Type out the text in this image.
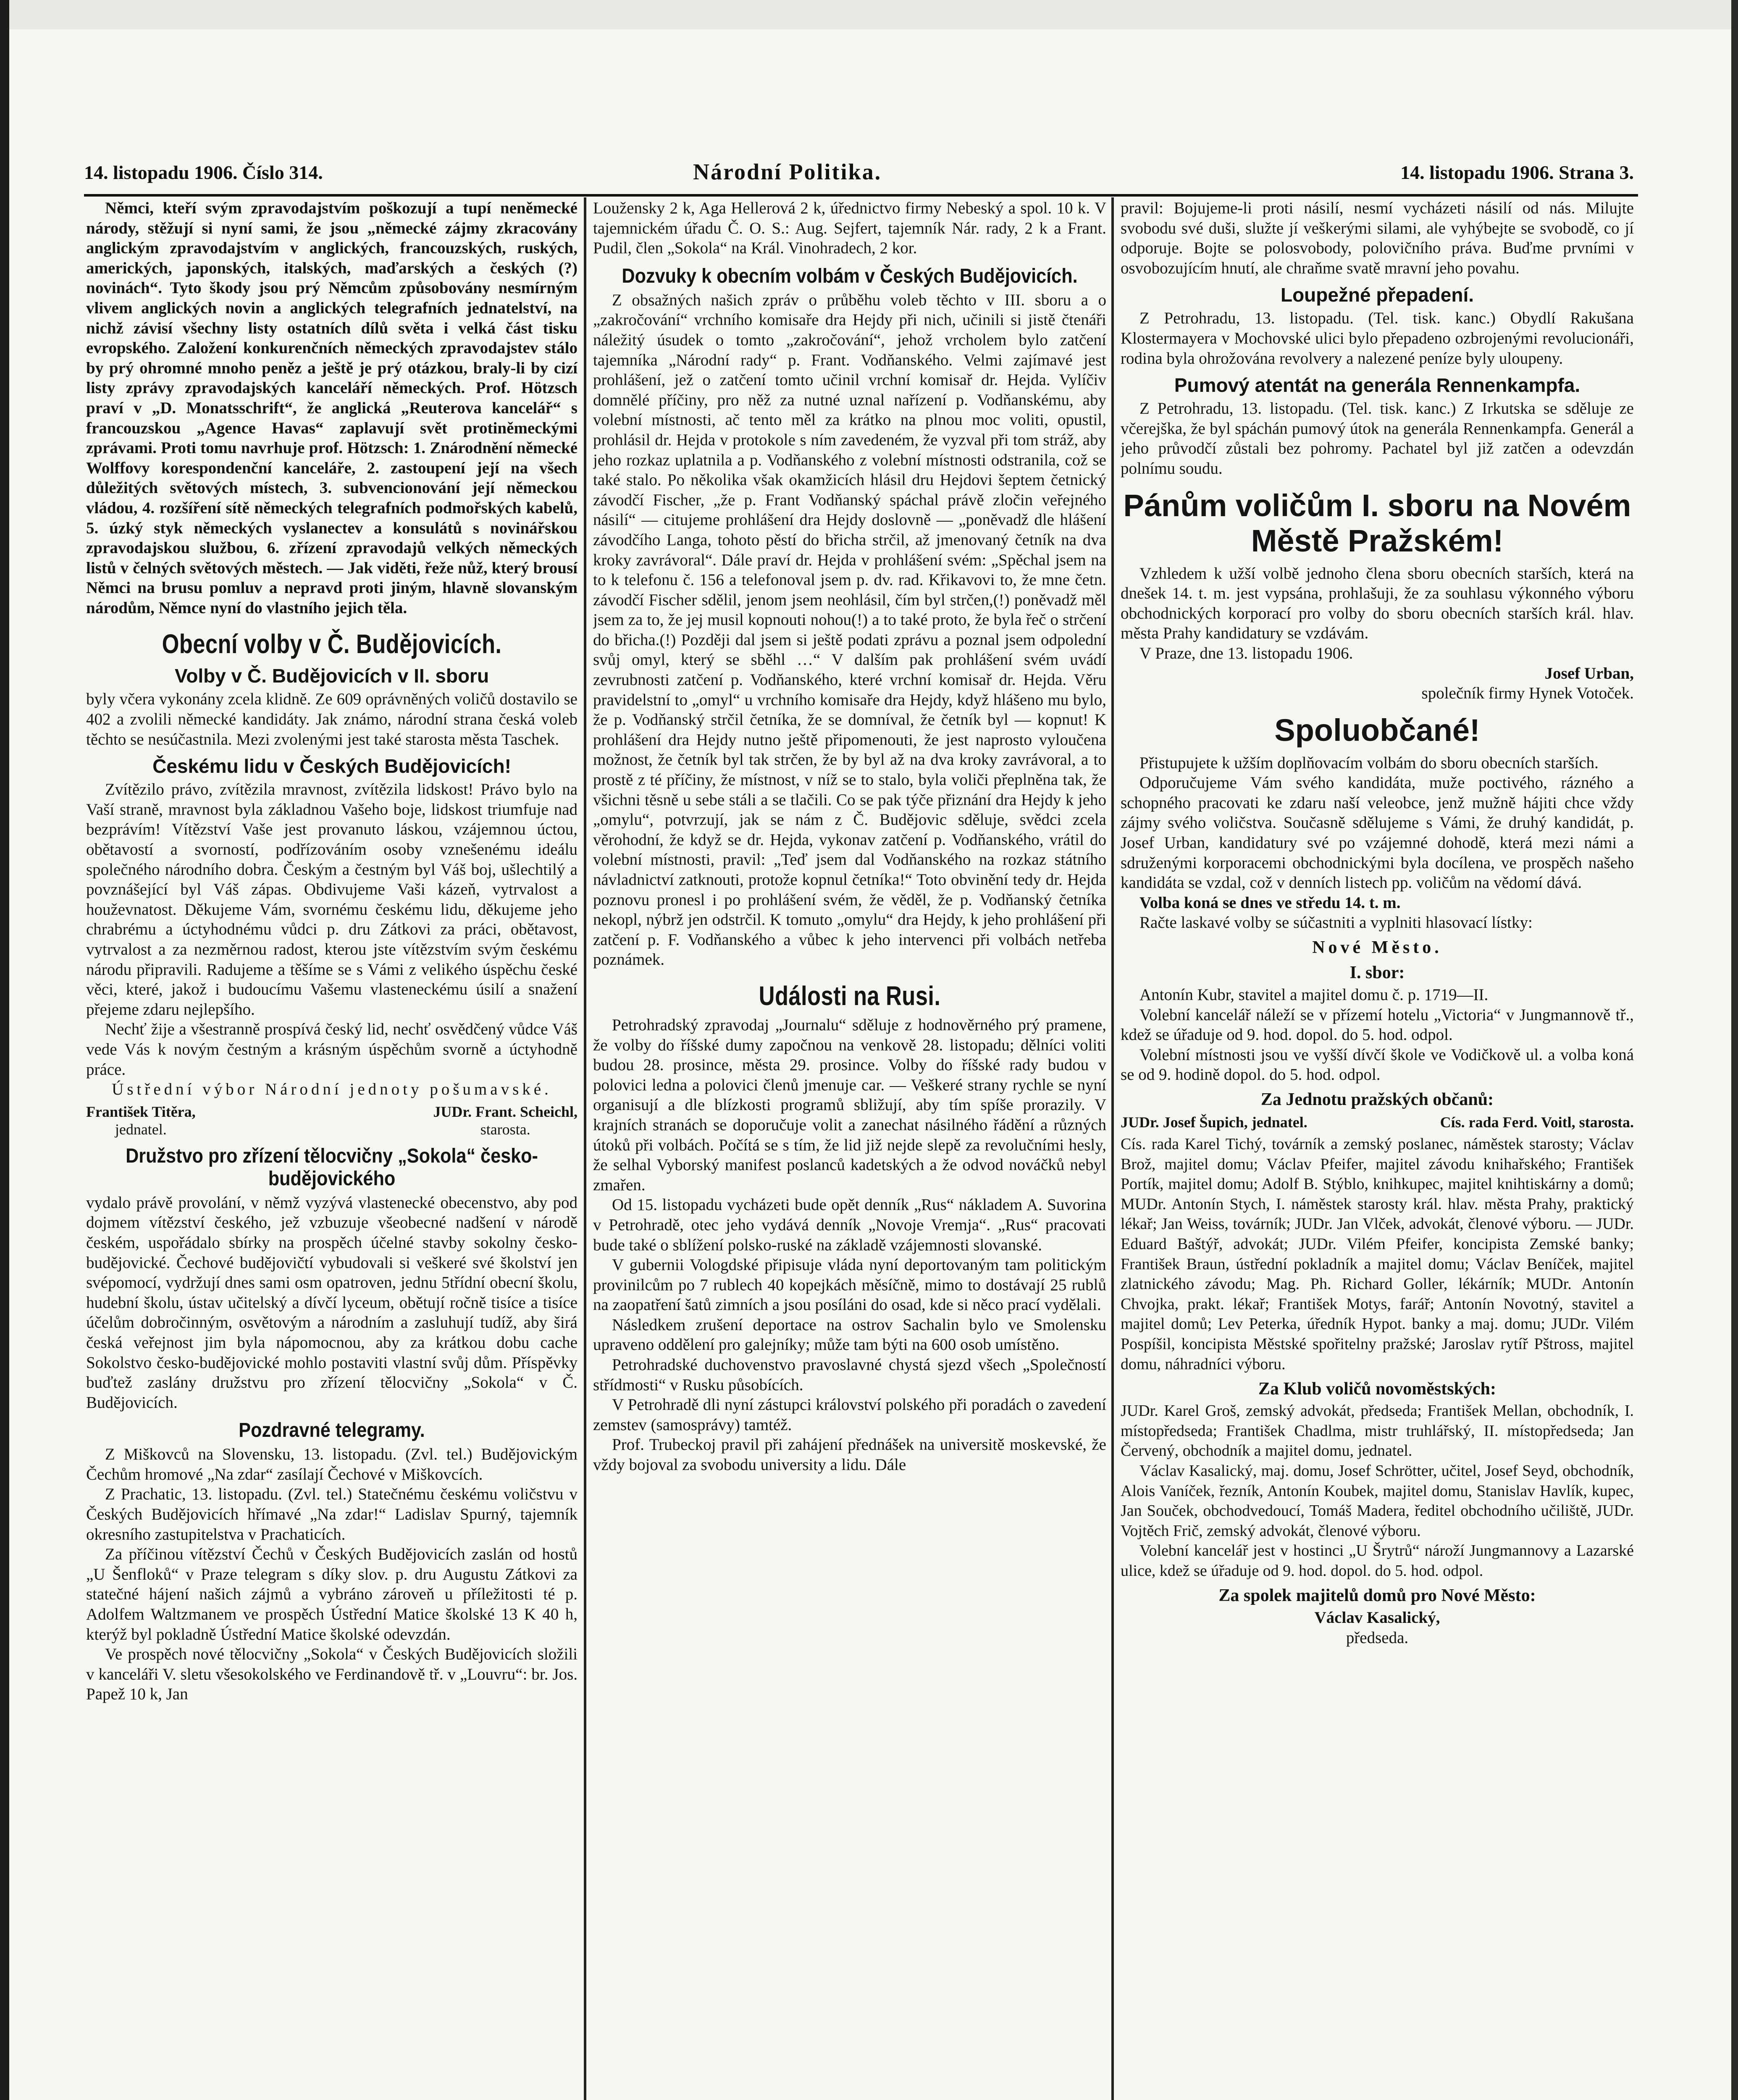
14. listopadu 1906. Číslo 314.	Národní Politika.	14. listopadu 1906. Strana 3.

Němci, kteří svým zpravodajstvím poškozují a tupí neněmecké národy, stěžují si nyní sami, že jsou „německé zájmy zkracovány anglickým zpravodajstvím v anglických, francouzských, ruských, amerických, japonských, italských, maďarských a českých (?) novinách“. Tyto škody jsou prý Němcům způsobovány nesmírným vlivem anglických novin a anglických telegrafních jednatelství, na nichž závisí všechny listy ostatních dílů světa i velká část tisku evropského. Založení konkurenčních německých zpravodajstev stálo by prý ohromné mnoho peněz a ještě je prý otázkou, braly-li by cizí listy zprávy zpravodajských kanceláří německých. Prof. Hötzsch praví v „D. Monatsschrift“, že anglická „Reuterova kancelář“ s francouzskou „Agence Havas“ zaplavují svět protiněmeckými zprávami. Proti tomu navrhuje prof. Hötzsch: 1. Znárodnění německé Wolffovy korespondenční kanceláře, 2. zastoupení její na všech důležitých světových místech, 3. subvencionování její německou vládou, 4. rozšíření sítě německých telegrafních podmořských kabelů, 5. úzký styk německých vyslanectev a konsulátů s novinářskou zpravodajskou službou, 6. zřízení zpravodajů velkých německých listů v čelných světových městech. — Jak viděti, řeže nůž, který brousí Němci na brusu pomluv a nepravd proti jiným, hlavně slovanským národům, Němce nyní do vlastního jejich těla.

Obecní volby v Č. Budějovicích.
Volby v Č. Budějovicích v II. sboru

byly včera vykonány zcela klidně. Ze 609 oprávněných voličů dostavilo se 402 a zvolili německé kandidáty. Jak známo, národní strana česká voleb těchto se nesúčastnila. Mezi zvolenými jest také starosta města Taschek.

Českému lidu v Českých Budějovicích!

Zvítězilo právo, zvítězila mravnost, zvítězila lidskost! Právo bylo na Vaší straně, mravnost byla základnou Vašeho boje, lidskost triumfuje nad bezprávím! Vítězství Vaše jest provanuto láskou, vzájemnou úctou, obětavostí a svorností, podřízováním osoby vznešenému ideálu společného národního dobra. Českým a čestným byl Váš boj, ušlechtilý a povznášející byl Váš zápas. Obdivujeme Vaši kázeň, vytrvalost a houževnatost. Děkujeme Vám, svornému českému lidu, děkujeme jeho chrabrému a úctyhodnému vůdci p. dru Zátkovi za práci, obětavost, vytrvalost a za nezměrnou radost, kterou jste vítězstvím svým českému národu připravili. Radujeme a těšíme se s Vámi z velikého úspěchu české věci, které, jakož i budoucímu Vašemu vlasteneckému úsilí a snažení přejeme zdaru nejlepšího.

Nechť žije a všestranně prospívá český lid, nechť osvědčený vůdce Váš vede Vás k novým čestným a krásným úspěchům svorně a úctyhodně práce.

Ústřední výbor Národní jednoty pošumavské.

František Titěra,
jednatel.
JUDr. Frant. Scheichl,
starosta.
Družstvo pro zřízení tělocvičny „Sokola“ česko-budějovického

vydalo právě provolání, v němž vyzývá vlastenecké obecenstvo, aby pod dojmem vítězství českého, jež vzbuzuje všeobecné nadšení v národě českém, uspořádalo sbírky na prospěch účelné stavby sokolny česko-budějovické. Čechové budějovičtí vybudovali si veškeré své školství jen svépomocí, vydržují dnes sami osm opatroven, jednu 5třídní obecní školu, hudební školu, ústav učitelský a dívčí lyceum, obětují ročně tisíce a tisíce účelům dobročinným, osvětovým a národním a zasluhují tudíž, aby širá česká veřejnost jim byla nápomocnou, aby za krátkou dobu cache Sokolstvo česko-budějovické mohlo postaviti vlastní svůj dům. Příspěvky buďtež zaslány družstvu pro zřízení tělocvičny „Sokola“ v Č. Budějovicích.

Pozdravné telegramy.

Z Miškovců na Slovensku, 13. listopadu. (Zvl. tel.) Budějovickým Čechům hromové „Na zdar“ zasílají Čechové v Miškovcích.

Z Prachatic, 13. listopadu. (Zvl. tel.) Statečnému českému voličstvu v Českých Budějovicích hřímavé „Na zdar!“ Ladislav Spurný, tajemník okresního zastupitelstva v Prachaticích.

Za příčinou vítězství Čechů v Českých Budějovicích zaslán od hostů „U Šenfloků“ v Praze telegram s díky slov. p. dru Augustu Zátkovi za statečné hájení našich zájmů a vybráno zároveň u příležitosti té p. Adolfem Waltzmanem ve prospěch Ústřední Matice školské 13 K 40 h, kterýž byl pokladně Ústřední Matice školské odevzdán.

Ve prospěch nové tělocvičny „Sokola“ v Českých Budějovicích složili v kanceláři V. sletu všesokolského ve Ferdinandově tř. v „Louvru“: br. Jos. Papež 10 k, Jan

Loužensky 2 k, Aga Hellerová 2 k, úřednictvo firmy Nebeský a spol. 10 k. V tajemnickém úřadu Č. O. S.: Aug. Sejfert, tajemník Nár. rady, 2 k a Frant. Pudil, člen „Sokola“ na Král. Vinohradech, 2 kor.

Dozvuky k obecním volbám v Českých Budějovicích.

Z obsažných našich zpráv o průběhu voleb těchto v III. sboru a o „zakročování“ vrchního komisaře dra Hejdy při nich, učinili si jistě čtenáři náležitý úsudek o tomto „zakročování“, jehož vrcholem bylo zatčení tajemníka „Národní rady“ p. Frant. Vodňanského. Velmi zajímavé jest prohlášení, jež o zatčení tomto učinil vrchní komisař dr. Hejda. Vylíčiv domnělé příčiny, pro něž za nutné uznal nařízení p. Vodňanskému, aby volební místnosti, ač tento měl za krátko na plnou moc voliti, opustil, prohlásil dr. Hejda v protokole s ním zavedeném, že vyzval při tom stráž, aby jeho rozkaz uplatnila a p. Vodňanského z volební místnosti odstranila, což se také stalo. Po několika však okamžicích hlásil dru Hejdovi šeptem četnický závodčí Fischer, „že p. Frant Vodňanský spáchal právě zločin veřejného násilí“ — citujeme prohlášení dra Hejdy doslovně — „poněvadž dle hlášení závodčího Langa, tohoto pěstí do břicha strčil, až jmenovaný četník na dva kroky zavrávoral“. Dále praví dr. Hejda v prohlášení svém: „Spěchal jsem na to k telefonu č. 156 a telefonoval jsem p. dv. rad. Křikavovi to, že mne četn. závodčí Fischer sdělil, jenom jsem neohlásil, čím byl strčen,(!) poněvadž měl jsem za to, že jej musil kopnouti nohou(!) a to také proto, že byla řeč o strčení do břicha.(!) Později dal jsem si ještě podati zprávu a poznal jsem odpolední svůj omyl, který se sběhl …“ V dalším pak prohlášení svém uvádí zevrubnosti zatčení p. Vodňanského, které vrchní komisař dr. Hejda. Věru pravidelstní to „omyl“ u vrchního komisaře dra Hejdy, když hlášeno mu bylo, že p. Vodňanský strčil četníka, že se domníval, že četník byl — kopnut! K prohlášení dra Hejdy nutno ještě připomenouti, že jest naprosto vyloučena možnost, že četník byl tak strčen, že by byl až na dva kroky zavrávoral, a to prostě z té příčiny, že místnost, v níž se to stalo, byla voliči přeplněna tak, že všichni těsně u sebe stáli a se tlačili. Co se pak týče přiznání dra Hejdy k jeho „omylu“, potvrzují, jak se nám z Č. Budějovic sděluje, svědci zcela věrohodní, že když se dr. Hejda, vykonav zatčení p. Vodňanského, vrátil do volební místnosti, pravil: „Teď jsem dal Vodňanského na rozkaz státního návladnictví zatknouti, protože kopnul četníka!“ Toto obvinění tedy dr. Hejda poznovu pronesl i po prohlášení svém, že věděl, že p. Vodňanský četníka nekopl, nýbrž jen odstrčil. K tomuto „omylu“ dra Hejdy, k jeho prohlášení při zatčení p. F. Vodňanského a vůbec k jeho intervenci při volbách netřeba poznámek.

Události na Rusi.

Petrohradský zpravodaj „Journalu“ sděluje z hodnověrného prý pramene, že volby do říšské dumy započnou na venkově 28. listopadu; dělníci voliti budou 28. prosince, města 29. prosince. Volby do říšské rady budou v polovici ledna a polovici členů jmenuje car. — Veškeré strany rychle se nyní organisují a dle blízkosti programů sbližují, aby tím spíše prorazily. V krajních stranách se doporučuje volit a zanechat násilného řádění a různých útoků při volbách. Počítá se s tím, že lid již nejde slepě za revolučními hesly, že selhal Vyborský manifest poslanců kadetských a že odvod nováčků nebyl zmařen.

Od 15. listopadu vycházeti bude opět denník „Rus“ nákladem A. Suvorina v Petrohradě, otec jeho vydává denník „Novoje Vremja“. „Rus“ pracovati bude také o sblížení polsko-ruské na základě vzájemnosti slovanské.

V gubernii Vologdské připisuje vláda nyní deportovaným tam politickým provinilcům po 7 rublech 40 kopejkách měsíčně, mimo to dostávají 25 rublů na zaopatření šatů zimních a jsou posíláni do osad, kde si něco prací vydělali.

Následkem zrušení deportace na ostrov Sachalin bylo ve Smolensku upraveno oddělení pro galejníky; může tam býti na 600 osob umístěno.

Petrohradské duchovenstvo pravoslavné chystá sjezd všech „Společností střídmosti“ v Rusku působících.

V Petrohradě dli nyní zástupci království polského při poradách o zavedení zemstev (samosprávy) tamtéž.

Prof. Trubeckoj pravil při zahájení přednášek na universitě moskevské, že vždy bojoval za svobodu university a lidu. Dále

pravil: Bojujeme-li proti násilí, nesmí vycházeti násilí od nás. Milujte svobodu své duši, služte jí veškerými silami, ale vyhýbejte se svobodě, co jí odporuje. Bojte se polosvobody, polovičního práva. Buďme prvními v osvobozujícím hnutí, ale chraňme svatě mravní jeho povahu.

Loupežné přepadení.

Z Petrohradu, 13. listopadu. (Tel. tisk. kanc.) Obydlí Rakušana Klostermayera v Mochovské ulici bylo přepadeno ozbrojenými revolucionáři, rodina byla ohrožována revolvery a nalezené peníze byly uloupeny.

Pumový atentát na generála Rennenkampfa.

Z Petrohradu, 13. listopadu. (Tel. tisk. kanc.) Z Irkutska se sděluje ze včerejška, že byl spáchán pumový útok na generála Rennenkampfa. Generál a jeho průvodčí zůstali bez pohromy. Pachatel byl již zatčen a odevzdán polnímu soudu.

Pánům voličům I. sboru na Novém Městě Pražském!

Vzhledem k užší volbě jednoho člena sboru obecních starších, která na dnešek 14. t. m. jest vypsána, prohlašuji, že za souhlasu výkonného výboru obchodnických korporací pro volby do sboru obecních starších král. hlav. města Prahy kandidatury se vzdávám.

V Praze, dne 13. listopadu 1906.

Josef Urban,

společník firmy Hynek Votoček.

Spoluobčané!

Přistupujete k užším doplňovacím volbám do sboru obecních starších.

Odporučujeme Vám svého kandidáta, muže poctivého, rázného a schopného pracovati ke zdaru naší veleobce, jenž mužně hájiti chce vždy zájmy svého voličstva. Současně sdělujeme s Vámi, že druhý kandidát, p. Josef Urban, kandidatury své po vzájemné dohodě, která mezi námi a sdruženými korporacemi obchodnickými byla docílena, ve prospěch našeho kandidáta se vzdal, což v denních listech pp. voličům na vědomí dává.

Volba koná se dnes ve středu 14. t. m.

Račte laskavé volby se súčastniti a vyplniti hlasovací lístky:

Nové Město.
I. sbor:

Antonín Kubr, stavitel a majitel domu č. p. 1719—II.

Volební kancelář náleží se v přízemí hotelu „Victoria“ v Jungmannově tř., kdež se úřaduje od 9. hod. dopol. do 5. hod. odpol.

Volební místnosti jsou ve vyšší dívčí škole ve Vodičkově ul. a volba koná se od 9. hodině dopol. do 5. hod. odpol.

Za Jednotu pražských občanů:
JUDr. Josef Šupich, jednatel.	Cís. rada Ferd. Voitl, starosta.

Cís. rada Karel Tichý, továrník a zemský poslanec, náměstek starosty; Václav Brož, majitel domu; Václav Pfeifer, majitel závodu knihařského; František Portík, majitel domu; Adolf B. Stýblo, knihkupec, majitel knihtiskárny a domů; MUDr. Antonín Stych, I. náměstek starosty král. hlav. města Prahy, praktický lékař; Jan Weiss, továrník; JUDr. Jan Vlček, advokát, členové výboru. — JUDr. Eduard Baštýř, advokát; JUDr. Vilém Pfeifer, koncipista Zemské banky; František Braun, ústřední pokladník a majitel domu; Václav Beníček, majitel zlatnického závodu; Mag. Ph. Richard Goller, lékárník; MUDr. Antonín Chvojka, prakt. lékař; František Motys, farář; Antonín Novotný, stavitel a majitel domů; Lev Peterka, úředník Hypot. banky a maj. domu; JUDr. Vilém Pospíšil, koncipista Městské spořitelny pražské; Jaroslav rytíř Pštross, majitel domu, náhradníci výboru.

Za Klub voličů novoměstských:

JUDr. Karel Groš, zemský advokát, předseda; František Mellan, obchodník, I. místopředseda; František Chadlma, mistr truhlářský, II. místopředseda; Jan Červený, obchodník a majitel domu, jednatel.

Václav Kasalický, maj. domu, Josef Schrötter, učitel, Josef Seyd, obchodník, Alois Vaníček, řezník, Antonín Koubek, majitel domu, Stanislav Havlík, kupec, Jan Souček, obchodvedoucí, Tomáš Madera, ředitel obchodního učiliště, JUDr. Vojtěch Frič, zemský advokát, členové výboru.

Volební kancelář jest v hostinci „U Šrytrů“ nároží Jungmannovy a Lazarské ulice, kdež se úřaduje od 9. hod. dopol. do 5. hod. odpol.

Za spolek majitelů domů pro Nové Město:

Václav Kasalický,

předseda.
